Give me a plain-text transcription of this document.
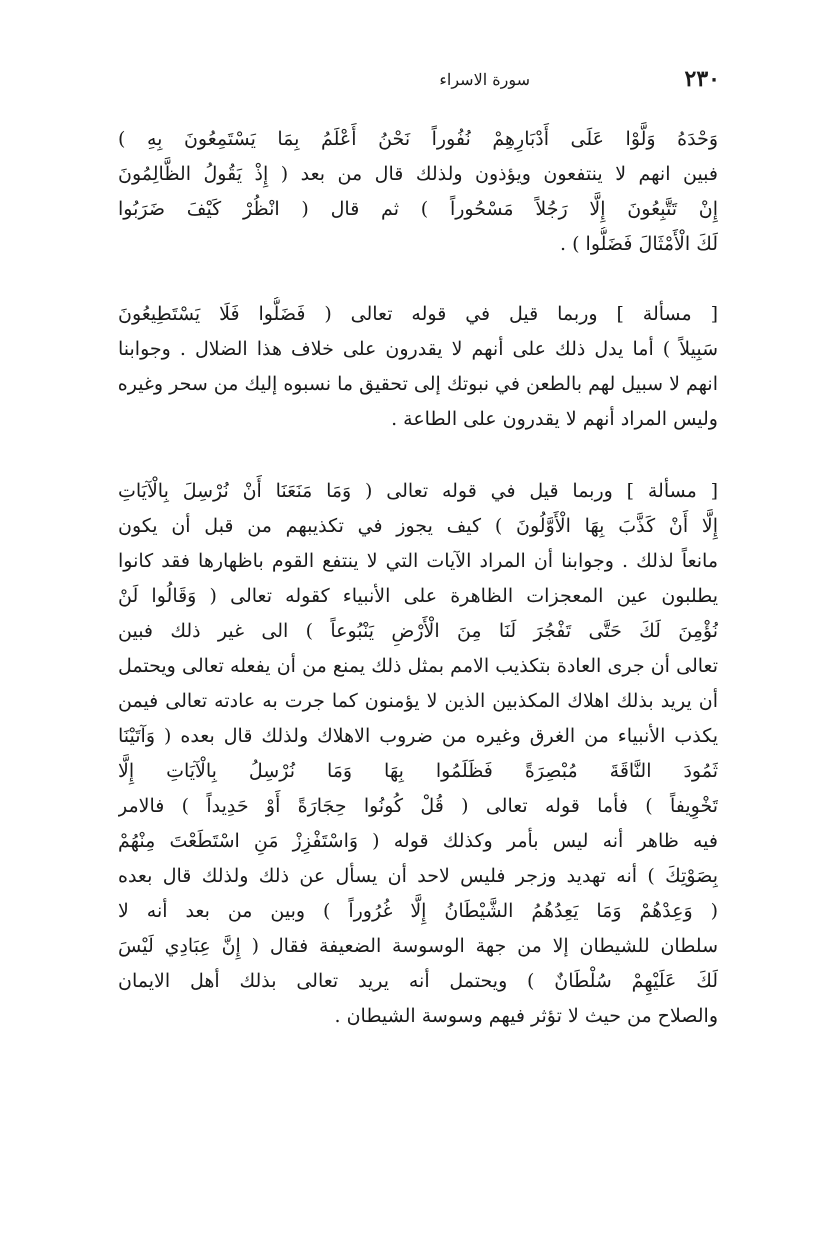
٢٣٠
سورة الاسراء
وَحْدَهُ وَلَّوْا عَلَى أَدْبَارِهِمْ نُفُوراً نَحْنُ أَعْلَمُ بِمَا يَسْتَمِعُونَ بِهِ )
فبين انهم لا ينتفعون ويؤذون ولذلك قال من بعد ( إِذْ يَقُولُ الظَّالِمُونَ
إِنْ تَتَّبِعُونَ إِلَّا رَجُلاً مَسْحُوراً ) ثم قال ( انْظُرْ كَيْفَ ضَرَبُوا
لَكَ الْأَمْثَالَ فَضَلُّوا ) .
[ مسألة ] وربما قيل في قوله تعالى ( فَضَلُّوا فَلَا يَسْتَطِيعُونَ
سَبِيلاً ) أما يدل ذلك على أنهم لا يقدرون على خلاف هذا الضلال . وجوابنا
انهم لا سبيل لهم بالطعن في نبوتك إلى تحقيق ما نسبوه إليك من سحر وغيره
وليس المراد أنهم لا يقدرون على الطاعة .
[ مسألة ] وربما قيل في قوله تعالى ( وَمَا مَنَعَنَا أَنْ نُرْسِلَ بِالْآيَاتِ
إِلَّا أَنْ كَذَّبَ بِهَا الْأَوَّلُونَ ) كيف يجوز في تكذيبهم من قبل أن يكون
مانعاً لذلك . وجوابنا أن المراد الآيات التي لا ينتفع القوم باظهارها فقد كانوا
يطلبون عين المعجزات الظاهرة على الأنبياء كقوله تعالى ( وَقَالُوا لَنْ
نُؤْمِنَ لَكَ حَتَّى تَفْجُرَ لَنَا مِنَ الْأَرْضِ يَنْبُوعاً ) الى غير ذلك فبين
تعالى أن جرى العادة بتكذيب الامم بمثل ذلك يمنع من أن يفعله تعالى ويحتمل
أن يريد بذلك اهلاك المكذبين الذين لا يؤمنون كما جرت به عادته تعالى فيمن
يكذب الأنبياء من الغرق وغيره من ضروب الاهلاك ولذلك قال بعده ( وَآتَيْنَا
ثَمُودَ النَّاقَةَ مُبْصِرَةً فَظَلَمُوا بِهَا وَمَا نُرْسِلُ بِالْآيَاتِ إِلَّا
تَخْوِيفاً ) فأما قوله تعالى ( قُلْ كُونُوا حِجَارَةً أَوْ حَدِيداً ) فالامر
فيه ظاهر أنه ليس بأمر وكذلك قوله ( وَاسْتَفْزِزْ مَنِ اسْتَطَعْتَ مِنْهُمْ
بِصَوْتِكَ ) أنه تهديد وزجر فليس لاحد أن يسأل عن ذلك ولذلك قال بعده
( وَعِدْهُمْ وَمَا يَعِدُهُمُ الشَّيْطَانُ إِلَّا غُرُوراً ) وبين من بعد أنه لا
سلطان للشيطان إلا من جهة الوسوسة الضعيفة فقال ( إِنَّ عِبَادِي لَيْسَ
لَكَ عَلَيْهِمْ سُلْطَانٌ ) ويحتمل أنه يريد تعالى بذلك أهل الايمان
والصلاح من حيث لا تؤثر فيهم وسوسة الشيطان .
